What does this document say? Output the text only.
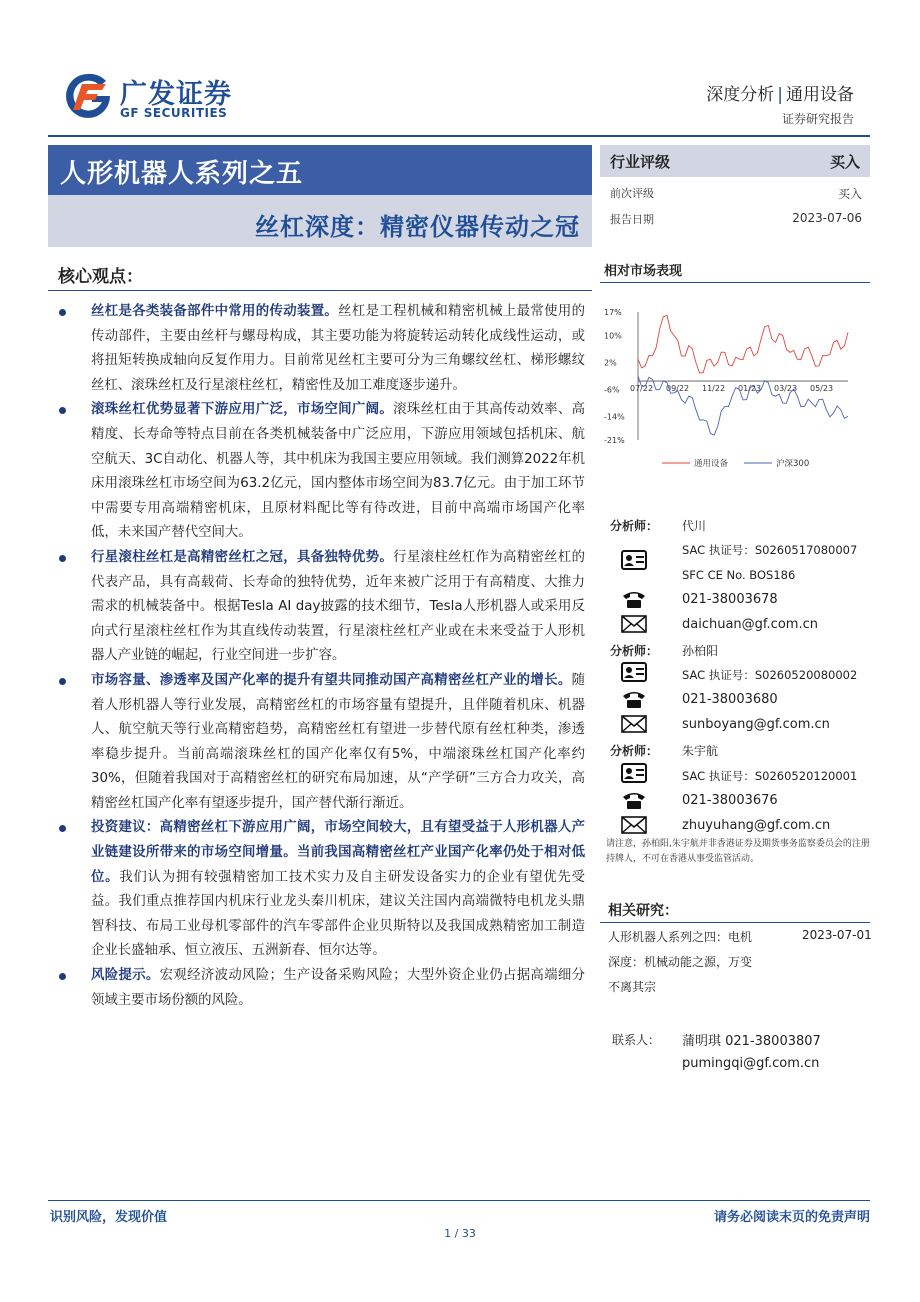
广发证券
GF SECURITIES
深度分析 | 通用设备
证券研究报告
人形机器人系列之五
丝杠深度：精密仪器传动之冠
行业评级	买入
前次评级	买入
报告日期	2023-07-06
核心观点：
丝杠是各类装备部件中常用的传动装置。丝杠是工程机械和精密机械上最常使用的传动部件，主要由丝杆与螺母构成，其主要功能为将旋转运动转化成线性运动，或将扭矩转换成轴向反复作用力。目前常见丝杠主要可分为三角螺纹丝杠、梯形螺纹丝杠、滚珠丝杠及行星滚柱丝杠，精密性及加工难度逐步递升。
滚珠丝杠优势显著下游应用广泛，市场空间广阔。滚珠丝杠由于其高传动效率、高精度、长寿命等特点目前在各类机械装备中广泛应用，下游应用领域包括机床、航空航天、3C自动化、机器人等，其中机床为我国主要应用领域。我们测算2022年机床用滚珠丝杠市场空间为63.2亿元，国内整体市场空间为83.7亿元。由于加工环节中需要专用高端精密机床，且原材料配比等有待改进，目前中高端市场国产化率低，未来国产替代空间大。
行星滚柱丝杠是高精密丝杠之冠，具备独特优势。行星滚柱丝杠作为高精密丝杠的代表产品，具有高载荷、长寿命的独特优势，近年来被广泛用于有高精度、大推力需求的机械装备中。根据Tesla AI day披露的技术细节，Tesla人形机器人或采用反向式行星滚柱丝杠作为其直线传动装置，行星滚柱丝杠产业或在未来受益于人形机器人产业链的崛起，行业空间进一步扩容。
市场容量、渗透率及国产化率的提升有望共同推动国产高精密丝杠产业的增长。随着人形机器人等行业发展，高精密丝杠的市场容量有望提升，且伴随着机床、机器人、航空航天等行业高精密趋势，高精密丝杠有望进一步替代原有丝杠种类，渗透率稳步提升。当前高端滚珠丝杠的国产化率仅有5%，中端滚珠丝杠国产化率约30%，但随着我国对于高精密丝杠的研究布局加速，从“产学研”三方合力攻关，高精密丝杠国产化率有望逐步提升，国产替代渐行渐近。
投资建议：高精密丝杠下游应用广阔，市场空间较大，且有望受益于人形机器人产业链建设所带来的市场空间增量。当前我国高精密丝杠产业国产化率仍处于相对低位。我们认为拥有较强精密加工技术实力及自主研发设备实力的企业有望优先受益。我们重点推荐国内机床行业龙头秦川机床，建议关注国内高端微特电机龙头鼎智科技、布局工业母机零部件的汽车零部件企业贝斯特以及我国成熟精密加工制造企业长盛轴承、恒立液压、五洲新春、恒尔达等。
风险提示。宏观经济波动风险；生产设备采购风险；大型外资企业仍占据高端细分领域主要市场份额的风险。
相对市场表现
17%
10%
2%
-6%
-14%
-21%
07/22 09/22 11/22 01/23 03/23 05/23
通用设备	沪深300
分析师： 代川
SAC 执证号：S0260517080007
SFC CE No. BOS186
021-38003678
daichuan@gf.com.cn
分析师： 孙柏阳
SAC 执证号：S0260520080002
021-38003680
sunboyang@gf.com.cn
分析师： 朱宇航
SAC 执证号：S0260520120001
021-38003676
zhuyuhang@gf.com.cn
请注意，孙柏阳,朱宇航并非香港证券及期货事务监察委员会的注册持牌人，不可在香港从事受监管活动。
相关研究：
人形机器人系列之四：电机	2023-07-01
深度：机械动能之源，万变
不离其宗
联系人： 蒲明琪 021-38003807
pumingqi@gf.com.cn
识别风险，发现价值	请务必阅读末页的免责声明
1 / 33
